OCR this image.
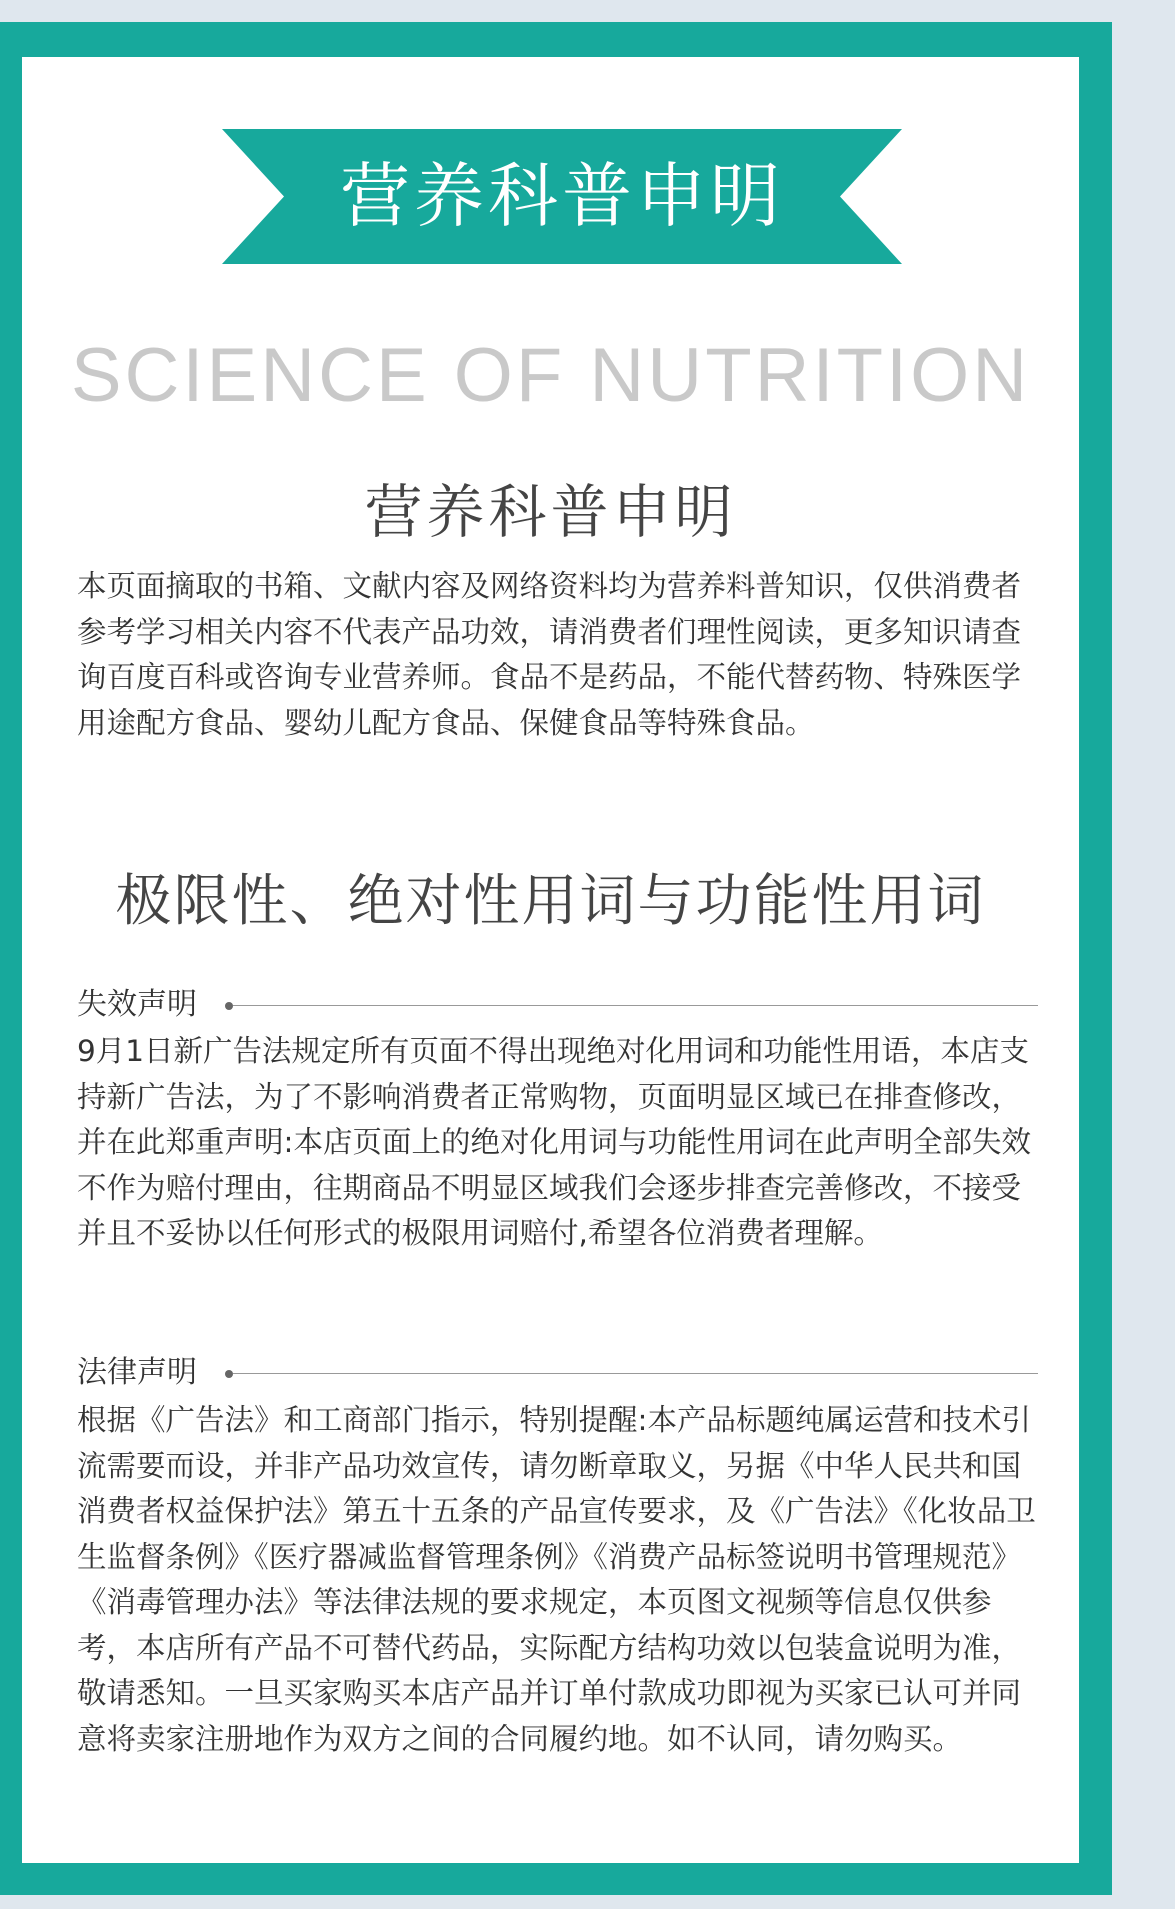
营养科普申明
SCIENCE OF NUTRITION
营养科普申明

本页面摘取的书箱、文献内容及网络资料均为营养料普知识，仅供消费者参考学习相关内容不代表产品功效，请消费者们理性阅读，更多知识请查询百度百科或咨询专业营养师。食品不是药品，不能代替药物、特殊医学用途配方食品、婴幼儿配方食品、保健食品等特殊食品。

极限性、绝对性用词与功能性用词
失效声明

9月1日新广告法规定所有页面不得出现绝对化用词和功能性用语，本店支持新广告法，为了不影响消费者正常购物，页面明显区域已在排查修改，并在此郑重声明:本店页面上的绝对化用词与功能性用词在此声明全部失效不作为赔付理由，往期商品不明显区域我们会逐步排查完善修改，不接受并且不妥协以任何形式的极限用词赔付,希望各位消费者理解。

法律声明

根据《广告法》和工商部门指示，特别提醒:本产品标题纯属运营和技术引流需要而设，并非产品功效宣传，请勿断章取义，另据《中华人民共和国消费者权益保护法》第五十五条的产品宣传要求，及《广告法》《化妆品卫生监督条例》《医疗器减监督管理条例》《消费产品标签说明书管理规范》《消毒管理办法》等法律法规的要求规定，本页图文视频等信息仅供参考，本店所有产品不可替代药品，实际配方结构功效以包装盒说明为准，敬请悉知。一旦买家购买本店产品并订单付款成功即视为买家已认可并同意将卖家注册地作为双方之间的合同履约地。如不认同，请勿购买。
